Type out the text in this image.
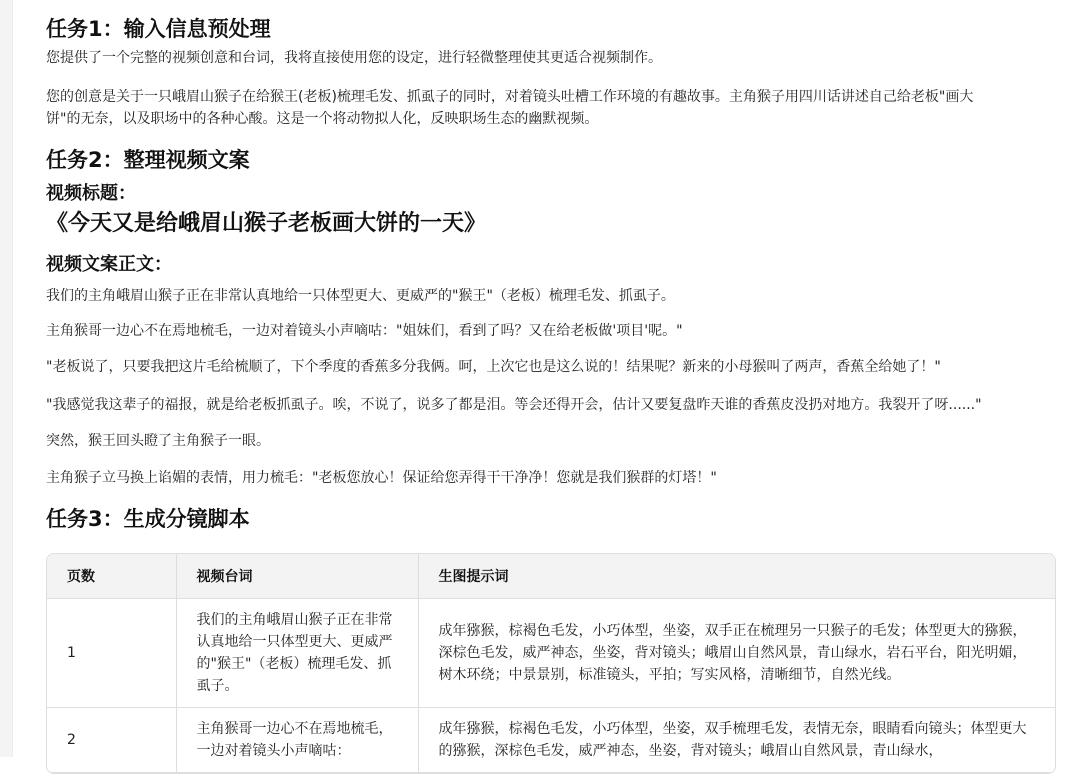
任务1：输入信息预处理

您提供了一个完整的视频创意和台词，我将直接使用您的设定，进行轻微整理使其更适合视频制作。

您的创意是关于一只峨眉山猴子在给猴王(老板)梳理毛发、抓虱子的同时，对着镜头吐槽工作环境的有趣故事。主角猴子用四川话讲述自己给老板"画大

饼"的无奈，以及职场中的各种心酸。这是一个将动物拟人化，反映职场生态的幽默视频。

任务2：整理视频文案
视频标题：
《今天又是给峨眉山猴子老板画大饼的一天》
视频文案正文：

我们的主角峨眉山猴子正在非常认真地给一只体型更大、更威严的"猴王"（老板）梳理毛发、抓虱子。

主角猴哥一边心不在焉地梳毛，一边对着镜头小声嘀咕："姐妹们，看到了吗？又在给老板做'项目'呢。"

"老板说了，只要我把这片毛给梳顺了，下个季度的香蕉多分我俩。呵，上次它也是这么说的！结果呢？新来的小母猴叫了两声，香蕉全给她了！"

"我感觉我这辈子的福报，就是给老板抓虱子。唉，不说了，说多了都是泪。等会还得开会，估计又要复盘昨天谁的香蕉皮没扔对地方。我裂开了呀......"

突然，猴王回头瞪了主角猴子一眼。

主角猴子立马换上谄媚的表情，用力梳毛："老板您放心！保证给您弄得干干净净！您就是我们猴群的灯塔！"

任务3：生成分镜脚本
页数	视频台词	生图提示词
1	我们的主角峨眉山猴子正在非常认真地给一只体型更大、更威严的"猴王"（老板）梳理毛发、抓虱子。	成年猕猴，棕褐色毛发，小巧体型，坐姿，双手正在梳理另一只猴子的毛发；体型更大的猕猴，深棕色毛发，威严神态，坐姿，背对镜头；峨眉山自然风景，青山绿水，岩石平台，阳光明媚，树木环绕；中景景别，标准镜头，平拍；写实风格，清晰细节，自然光线。
2	主角猴哥一边心不在焉地梳毛，一边对着镜头小声嘀咕：	成年猕猴，棕褐色毛发，小巧体型，坐姿，双手梳理毛发，表情无奈，眼睛看向镜头；体型更大的猕猴，深棕色毛发，威严神态，坐姿，背对镜头；峨眉山自然风景，青山绿水，
